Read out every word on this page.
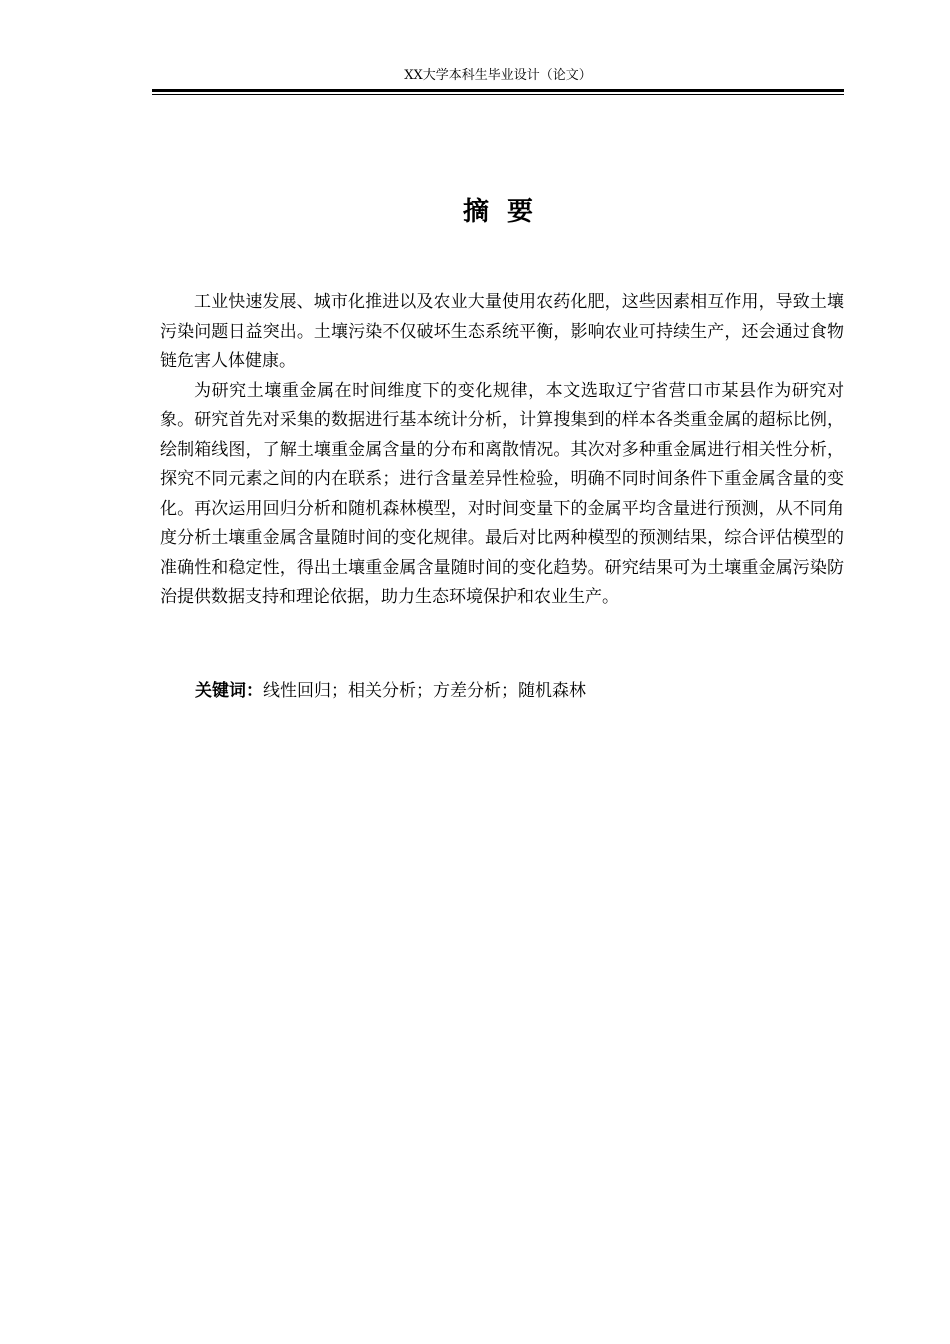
XX大学本科生毕业设计（论文）
摘要

工业快速发展、城市化推进以及农业大量使用农药化肥，这些因素相互作用，导致土壤污染问题日益突出。土壤污染不仅破坏生态系统平衡，影响农业可持续生产，还会通过食物链危害人体健康。

为研究土壤重金属在时间维度下的变化规律，本文选取辽宁省营口市某县作为研究对象。研究首先对采集的数据进行基本统计分析，计算搜集到的样本各类重金属的超标比例，绘制箱线图，了解土壤重金属含量的分布和离散情况。其次对多种重金属进行相关性分析，探究不同元素之间的内在联系；进行含量差异性检验，明确不同时间条件下重金属含量的变化。再次运用回归分析和随机森林模型，对时间变量下的金属平均含量进行预测，从不同角度分析土壤重金属含量随时间的变化规律。最后对比两种模型的预测结果，综合评估模型的准确性和稳定性，得出土壤重金属含量随时间的变化趋势。研究结果可为土壤重金属污染防治提供数据支持和理论依据，助力生态环境保护和农业生产。

关键词：线性回归；相关分析；方差分析；随机森林
